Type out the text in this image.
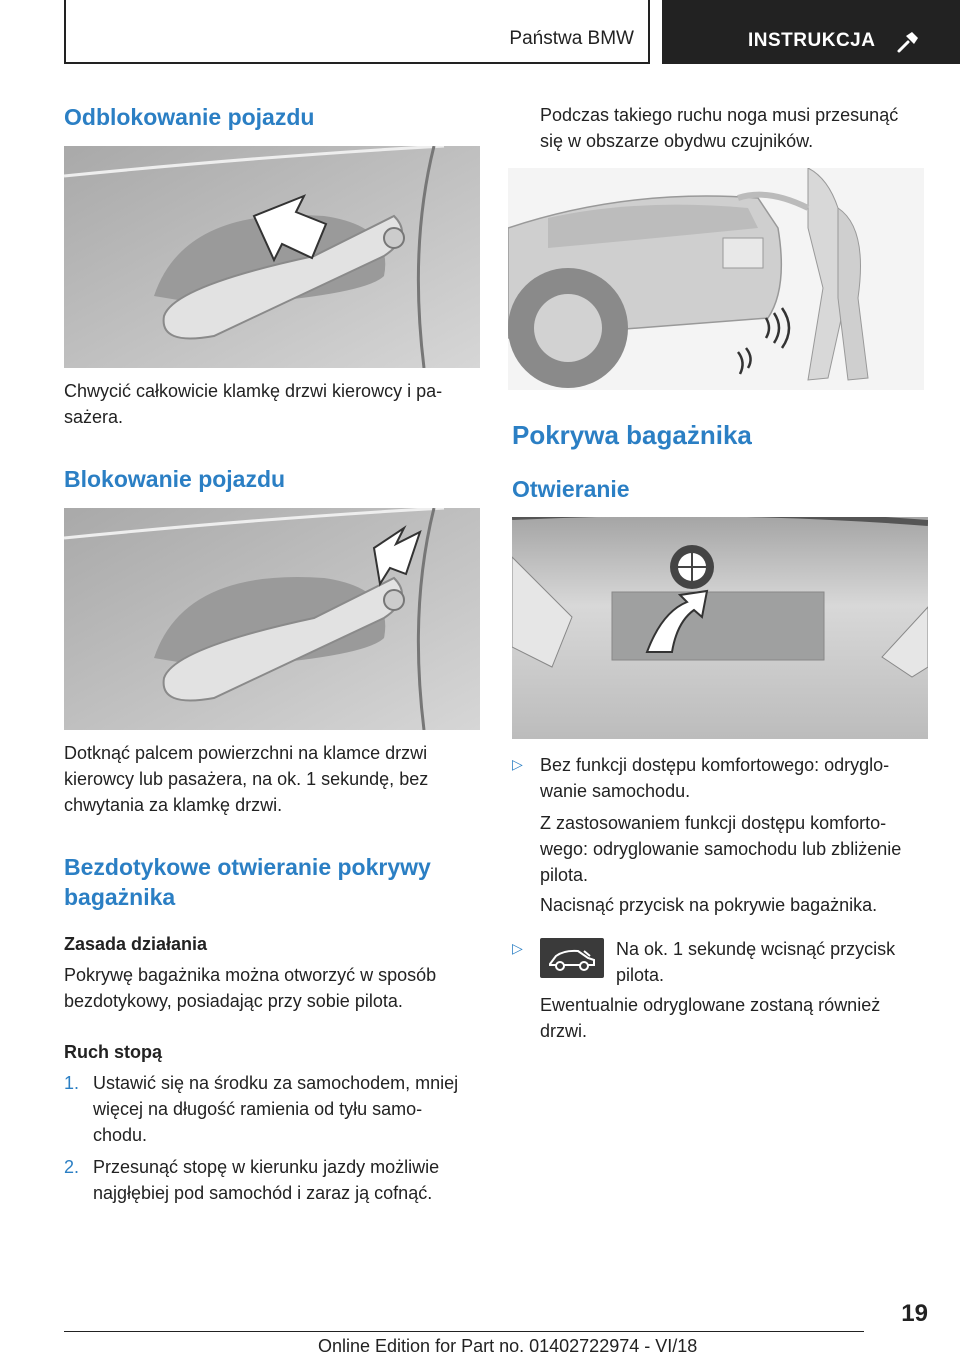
Państwa BMW	INSTRUKCJA
Odblokowanie pojazdu
Chwycić całkowicie klamkę drzwi kierowcy i pa-
sażera.
Blokowanie pojazdu
Dotknąć palcem powierzchni na klamce drzwi
kierowcy lub pasażera, na ok. 1 sekundę, bez
chwytania za klamkę drzwi.
Bezdotykowe otwieranie pokrywy
bagażnika
Zasada działania
Pokrywę bagażnika można otworzyć w sposób
bezdotykowy, posiadając przy sobie pilota.
Ruch stopą
1. Ustawić się na środku za samochodem, mniej
więcej na długość ramienia od tyłu samo-
chodu.
2. Przesunąć stopę w kierunku jazdy możliwie
najgłębiej pod samochód i zaraz ją cofnąć.
Podczas takiego ruchu noga musi przesunąć
się w obszarze obydwu czujników.
Pokrywa bagażnika
Otwieranie
▷ Bez funkcji dostępu komfortowego: odryglo-
wanie samochodu.
Z zastosowaniem funkcji dostępu komforto-
wego: odryglowanie samochodu lub zbliżenie
pilota.
Nacisnąć przycisk na pokrywie bagażnika.
▷	Na ok. 1 sekundę wcisnąć przycisk
pilota.
Ewentualnie odryglowane zostaną również
drzwi.
19
Online Edition for Part no. 01402722974 - VI/18
